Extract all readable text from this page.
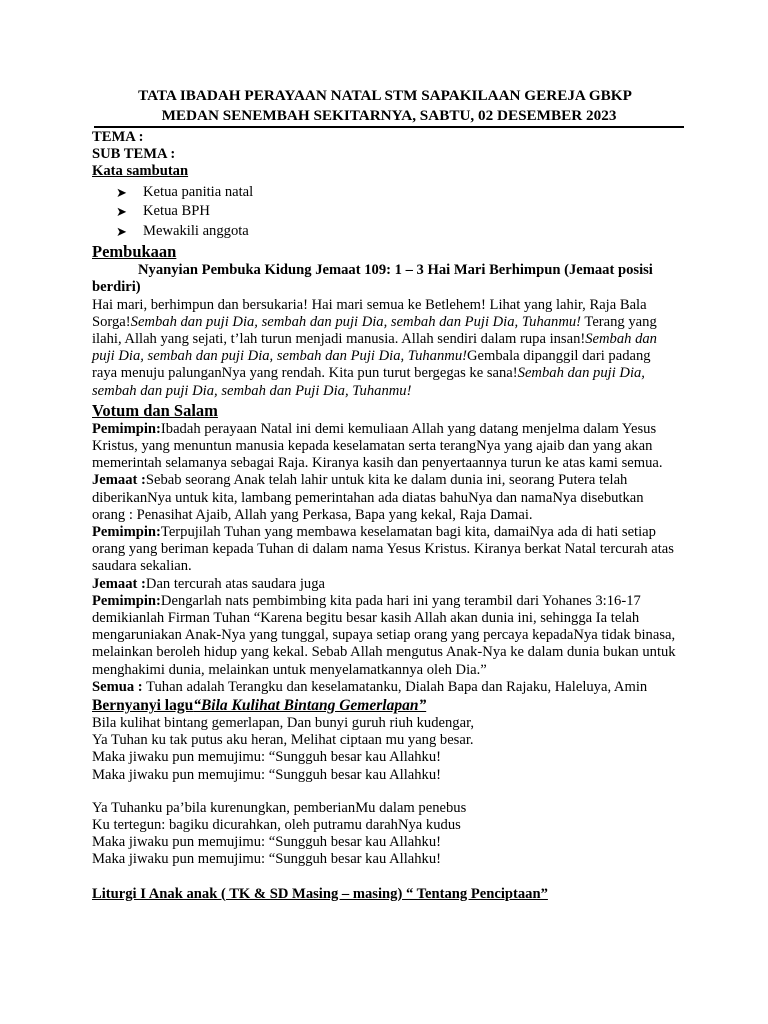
TATA IBADAH PERAYAAN NATAL STM SAPAKILAAN GEREJA GBKP

MEDAN SENEMBAH SEKITARNYA, SABTU, 02 DESEMBER 2023

TEMA :

SUB TEMA :

Kata sambutan

➤ Ketua panitia natal
➤ Ketua BPH
➤ Mewakili anggota

Pembukaan

Nyanyian Pembuka Kidung Jemaat 109: 1 – 3 Hai Mari Berhimpun (Jemaat posisi berdiri)

Hai mari, berhimpun dan bersukaria! Hai mari semua ke Betlehem! Lihat yang lahir, Raja Bala Sorga!Sembah dan puji Dia, sembah dan puji Dia, sembah dan Puji Dia, Tuhanmu! Terang yang ilahi, Allah yang sejati, t’lah turun menjadi manusia. Allah sendiri dalam rupa insan!Sembah dan puji Dia, sembah dan puji Dia, sembah dan Puji Dia, Tuhanmu!Gembala dipanggil dari padang raya menuju palunganNya yang rendah. Kita pun turut bergegas ke sana!Sembah dan puji Dia, sembah dan puji Dia, sembah dan Puji Dia, Tuhanmu!

Votum dan Salam

Pemimpin:Ibadah perayaan Natal ini demi kemuliaan Allah yang datang menjelma dalam Yesus Kristus, yang menuntun manusia kepada keselamatan serta terangNya yang ajaib dan yang akan memerintah selamanya sebagai Raja. Kiranya kasih dan penyertaannya turun ke atas kami semua.

Jemaat :Sebab seorang Anak telah lahir untuk kita ke dalam dunia ini, seorang Putera telah diberikanNya untuk kita, lambang pemerintahan ada diatas bahuNya dan namaNya disebutkan orang : Penasihat Ajaib, Allah yang Perkasa, Bapa yang kekal, Raja Damai.

Pemimpin:Terpujilah Tuhan yang membawa keselamatan bagi kita, damaiNya ada di hati setiap orang yang beriman kepada Tuhan di dalam nama Yesus Kristus. Kiranya berkat Natal tercurah atas saudara sekalian.

Jemaat :Dan tercurah atas saudara juga

Pemimpin:Dengarlah nats pembimbing kita pada hari ini yang terambil dari Yohanes 3:16-17 demikianlah Firman Tuhan “Karena begitu besar kasih Allah akan dunia ini, sehingga Ia telah mengaruniakan Anak-Nya yang tunggal, supaya setiap orang yang percaya kepadaNya tidak binasa, melainkan beroleh hidup yang kekal. Sebab Allah mengutus Anak-Nya ke dalam dunia bukan untuk menghakimi dunia, melainkan untuk menyelamatkannya oleh Dia.”

Semua : Tuhan adalah Terangku dan keselamatanku, Dialah Bapa dan Rajaku, Haleluya, Amin

Bernyanyi lagu“Bila Kulihat Bintang Gemerlapan”

Bila kulihat bintang gemerlapan, Dan bunyi guruh riuh kudengar,

Ya Tuhan ku tak putus aku heran, Melihat ciptaan mu yang besar.

Maka jiwaku pun memujimu: “Sungguh besar kau Allahku!

Maka jiwaku pun memujimu: “Sungguh besar kau Allahku!

Ya Tuhanku pa’bila kurenungkan, pemberianMu dalam penebus

Ku tertegun: bagiku dicurahkan, oleh putramu darahNya kudus

Maka jiwaku pun memujimu: “Sungguh besar kau Allahku!

Maka jiwaku pun memujimu: “Sungguh besar kau Allahku!

Liturgi I Anak anak ( TK & SD Masing – masing) “ Tentang Penciptaan”
